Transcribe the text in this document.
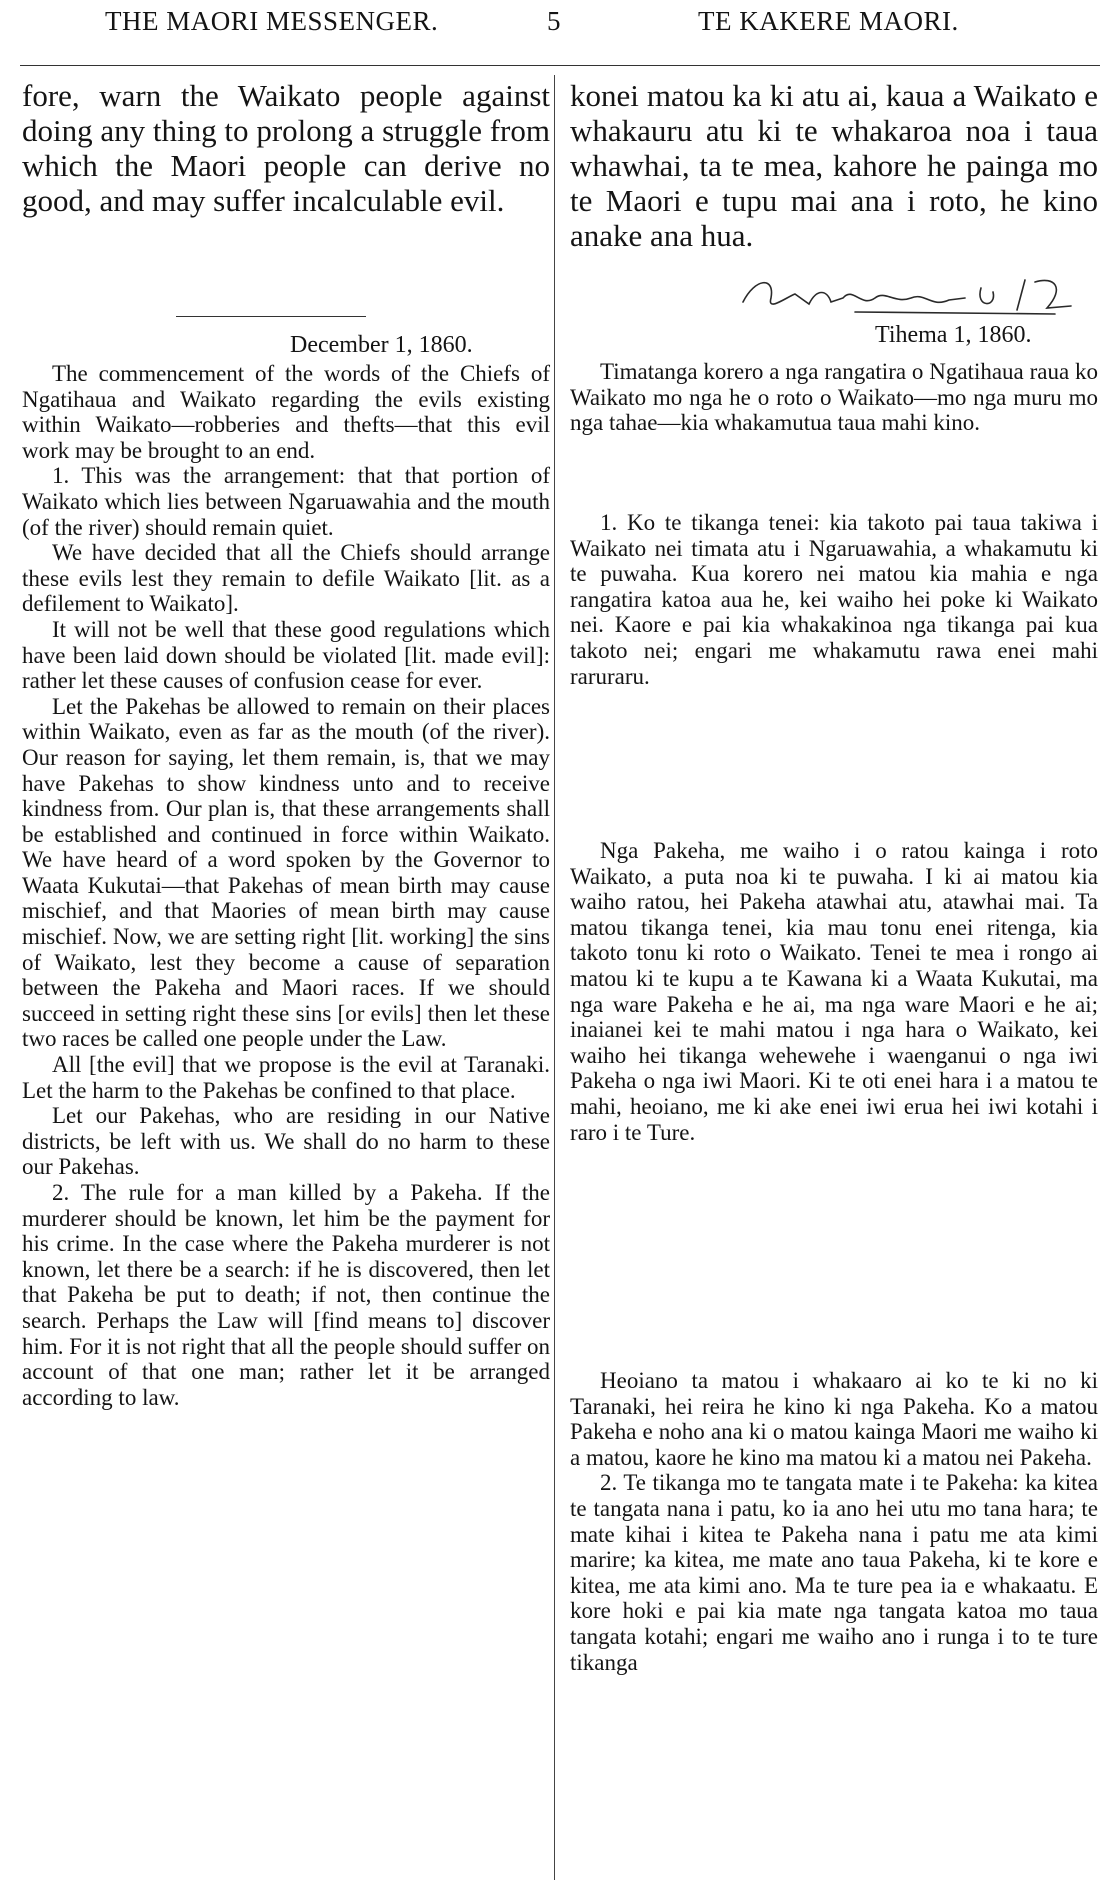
THE MAORI MESSENGER.	5	TE KAKERE MAORI.

fore, warn the Waikato people against doing any thing to prolong a struggle from which the Maori people can derive no good, and may suffer incalculable evil.

December 1, 1860.

The commencement of the words of the Chiefs of Ngatihaua and Waikato regarding the evils existing within Waikato—robberies and thefts—that this evil work may be brought to an end.

1. This was the arrangement: that that portion of Waikato which lies between Ngaruawahia and the mouth (of the river) should remain quiet.

We have decided that all the Chiefs should arrange these evils lest they remain to defile Waikato [lit. as a defilement to Waikato].

It will not be well that these good regulations which have been laid down should be violated [lit. made evil]: rather let these causes of confusion cease for ever.

Let the Pakehas be allowed to remain on their places within Waikato, even as far as the mouth (of the river). Our reason for saying, let them remain, is, that we may have Pakehas to show kindness unto and to receive kindness from. Our plan is, that these arrangements shall be established and continued in force within Waikato. We have heard of a word spoken by the Governor to Waata Kukutai—that Pakehas of mean birth may cause mischief, and that Maories of mean birth may cause mischief. Now, we are setting right [lit. working] the sins of Waikato, lest they become a cause of separation between the Pakeha and Maori races. If we should succeed in setting right these sins [or evils] then let these two races be called one people under the Law.

All [the evil] that we propose is the evil at Taranaki. Let the harm to the Pakehas be confined to that place.

Let our Pakehas, who are residing in our Native districts, be left with us. We shall do no harm to these our Pakehas.

2. The rule for a man killed by a Pakeha. If the murderer should be known, let him be the payment for his crime. In the case where the Pakeha murderer is not known, let there be a search: if he is discovered, then let that Pakeha be put to death; if not, then continue the search. Perhaps the Law will [find means to] discover him. For it is not right that all the people should suffer on account of that one man; rather let it be arranged according to law.

konei matou ka ki atu ai, kaua a Waikato e whakauru atu ki te whakaroa noa i taua whawhai, ta te mea, kahore he painga mo te Maori e tupu mai ana i roto, he kino anake ana hua.

Tihema 1, 1860.

Timatanga korero a nga rangatira o Ngatihaua raua ko Waikato mo nga he o roto o Waikato—mo nga muru mo nga tahae—kia whakamutua taua mahi kino.

1. Ko te tikanga tenei: kia takoto pai taua takiwa i Waikato nei timata atu i Ngaruawahia, a whakamutu ki te puwaha. Kua korero nei matou kia mahia e nga rangatira katoa aua he, kei waiho hei poke ki Waikato nei. Kaore e pai kia whakakinoa nga tikanga pai kua takoto nei; engari me whakamutu rawa enei mahi raruraru.

Nga Pakeha, me waiho i o ratou kainga i roto Waikato, a puta noa ki te puwaha. I ki ai matou kia waiho ratou, hei Pakeha atawhai atu, atawhai mai. Ta matou tikanga tenei, kia mau tonu enei ritenga, kia takoto tonu ki roto o Waikato. Tenei te mea i rongo ai matou ki te kupu a te Kawana ki a Waata Kukutai, ma nga ware Pakeha e he ai, ma nga ware Maori e he ai; inaianei kei te mahi matou i nga hara o Waikato, kei waiho hei tikanga wehewehe i waenganui o nga iwi Pakeha o nga iwi Maori. Ki te oti enei hara i a matou te mahi, heoiano, me ki ake enei iwi erua hei iwi kotahi i raro i te Ture.

Heoiano ta matou i whakaaro ai ko te ki no ki Taranaki, hei reira he kino ki nga Pakeha. Ko a matou Pakeha e noho ana ki o matou kainga Maori me waiho ki a matou, kaore he kino ma matou ki a matou nei Pakeha.

2. Te tikanga mo te tangata mate i te Pakeha: ka kitea te tangata nana i patu, ko ia ano hei utu mo tana hara; te mate kihai i kitea te Pakeha nana i patu me ata kimi marire; ka kitea, me mate ano taua Pakeha, ki te kore e kitea, me ata kimi ano. Ma te ture pea ia e whakaatu. E kore hoki e pai kia mate nga tangata katoa mo taua tangata kotahi; engari me waiho ano i runga i to te ture tikanga
